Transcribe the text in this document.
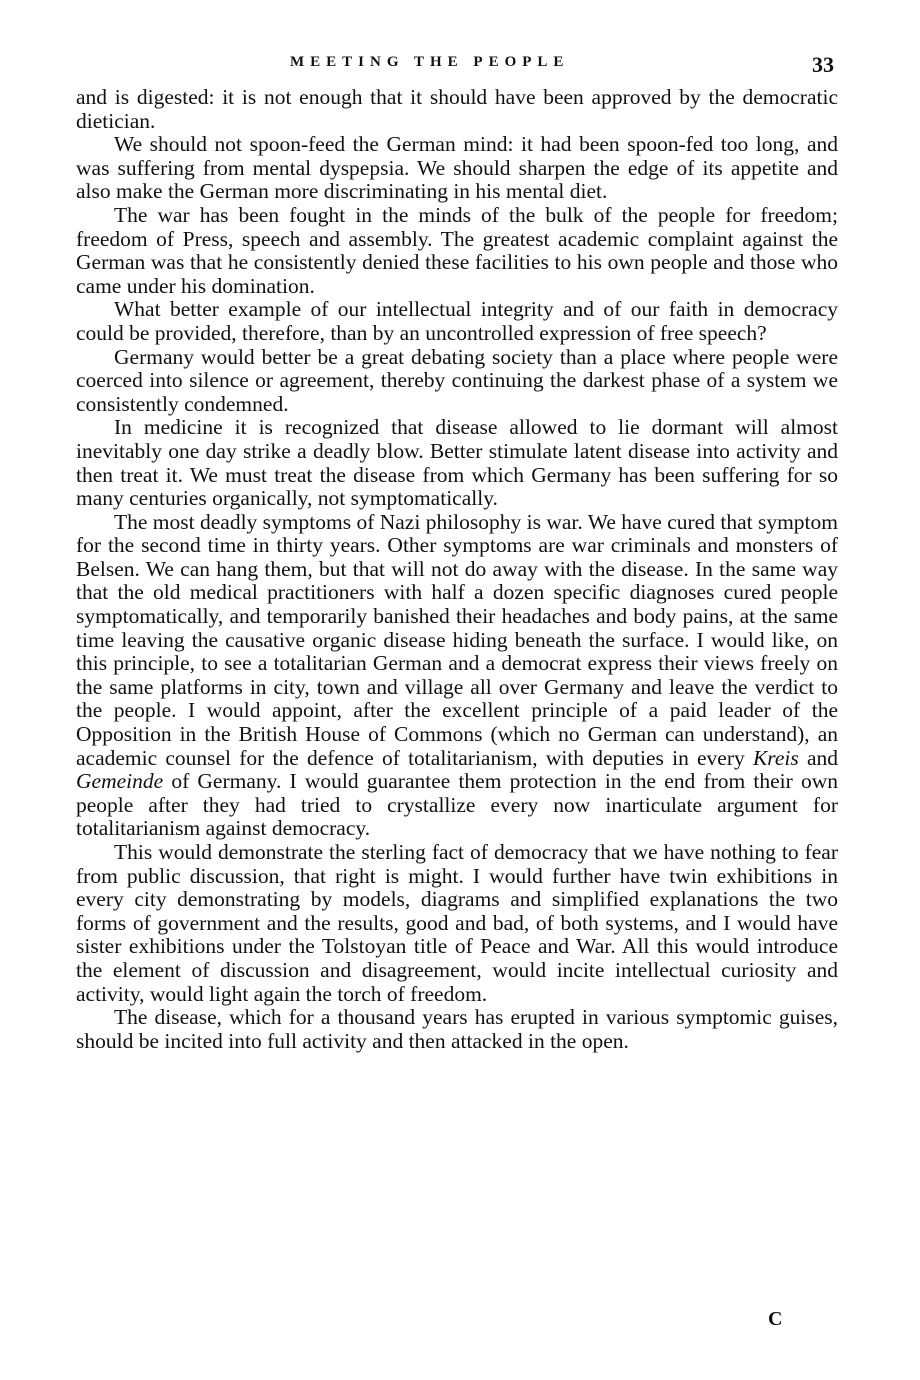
MEETING THE PEOPLE	33

and is digested: it is not enough that it should have been approved by the democratic dietician.

We should not spoon-feed the German mind: it had been spoon-fed too long, and was suffering from mental dyspepsia. We should sharpen the edge of its appetite and also make the German more discriminating in his mental diet.

The war has been fought in the minds of the bulk of the people for freedom; freedom of Press, speech and assembly. The greatest academic complaint against the German was that he consistently denied these facilities to his own people and those who came under his domination.

What better example of our intellectual integrity and of our faith in democracy could be provided, therefore, than by an uncontrolled expression of free speech?

Germany would better be a great debating society than a place where people were coerced into silence or agreement, thereby continuing the darkest phase of a system we consistently condemned.

In medicine it is recognized that disease allowed to lie dormant will almost inevitably one day strike a deadly blow. Better stimulate latent disease into activity and then treat it. We must treat the disease from which Germany has been suffering for so many centuries organically, not symptomatically.

The most deadly symptoms of Nazi philosophy is war. We have cured that symptom for the second time in thirty years. Other symptoms are war criminals and monsters of Belsen. We can hang them, but that will not do away with the disease. In the same way that the old medical practitioners with half a dozen specific diagnoses cured people symptomatically, and temporarily banished their headaches and body pains, at the same time leaving the causative organic disease hiding beneath the surface. I would like, on this principle, to see a totalitarian German and a democrat express their views freely on the same platforms in city, town and village all over Germany and leave the verdict to the people. I would appoint, after the excellent principle of a paid leader of the Opposition in the British House of Commons (which no German can understand), an academic counsel for the defence of totalitarianism, with deputies in every Kreis and Gemeinde of Germany. I would guarantee them protection in the end from their own people after they had tried to crystallize every now inarticulate argument for totalitarianism against democracy.

This would demonstrate the sterling fact of democracy that we have nothing to fear from public discussion, that right is might. I would further have twin exhibitions in every city demonstrating by models, diagrams and simplified explanations the two forms of government and the results, good and bad, of both systems, and I would have sister exhibitions under the Tolstoyan title of Peace and War. All this would introduce the element of discussion and disagreement, would incite intellectual curiosity and activity, would light again the torch of freedom.

The disease, which for a thousand years has erupted in various symptomic guises, should be incited into full activity and then attacked in the open.

C
